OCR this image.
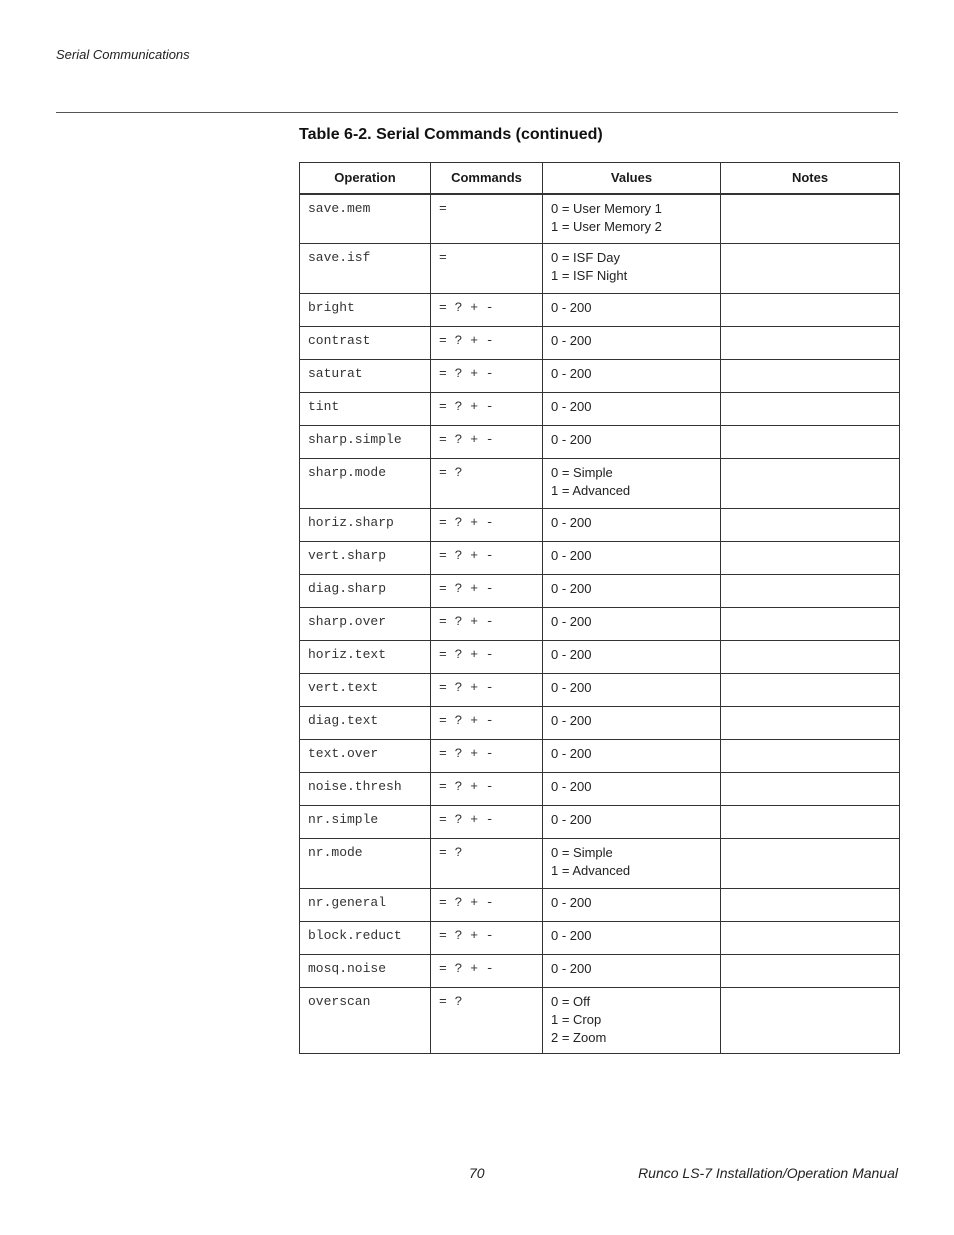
Serial Communications
Table 6-2. Serial Commands (continued)
Operation	Commands	Values	Notes
save.mem	=	0 = User Memory 1
1 = User Memory 2	

save.isf	=	0 = ISF Day
1 = ISF Night	

bright	= ? + -	0 - 200	

contrast	= ? + -	0 - 200	

saturat	= ? + -	0 - 200	

tint	= ? + -	0 - 200	

sharp.simple	= ? + -	0 - 200	

sharp.mode	= ?	0 = Simple
1 = Advanced	

horiz.sharp	= ? + -	0 - 200	

vert.sharp	= ? + -	0 - 200	

diag.sharp	= ? + -	0 - 200	

sharp.over	= ? + -	0 - 200	

horiz.text	= ? + -	0 - 200	

vert.text	= ? + -	0 - 200	

diag.text	= ? + -	0 - 200	

text.over	= ? + -	0 - 200	

noise.thresh	= ? + -	0 - 200	

nr.simple	= ? + -	0 - 200	

nr.mode	= ?	0 = Simple
1 = Advanced	

nr.general	= ? + -	0 - 200	

block.reduct	= ? + -	0 - 200	

mosq.noise	= ? + -	0 - 200	

overscan	= ?	0 = Off
1 = Crop
2 = Zoom	

70	Runco LS-7 Installation/Operation Manual
